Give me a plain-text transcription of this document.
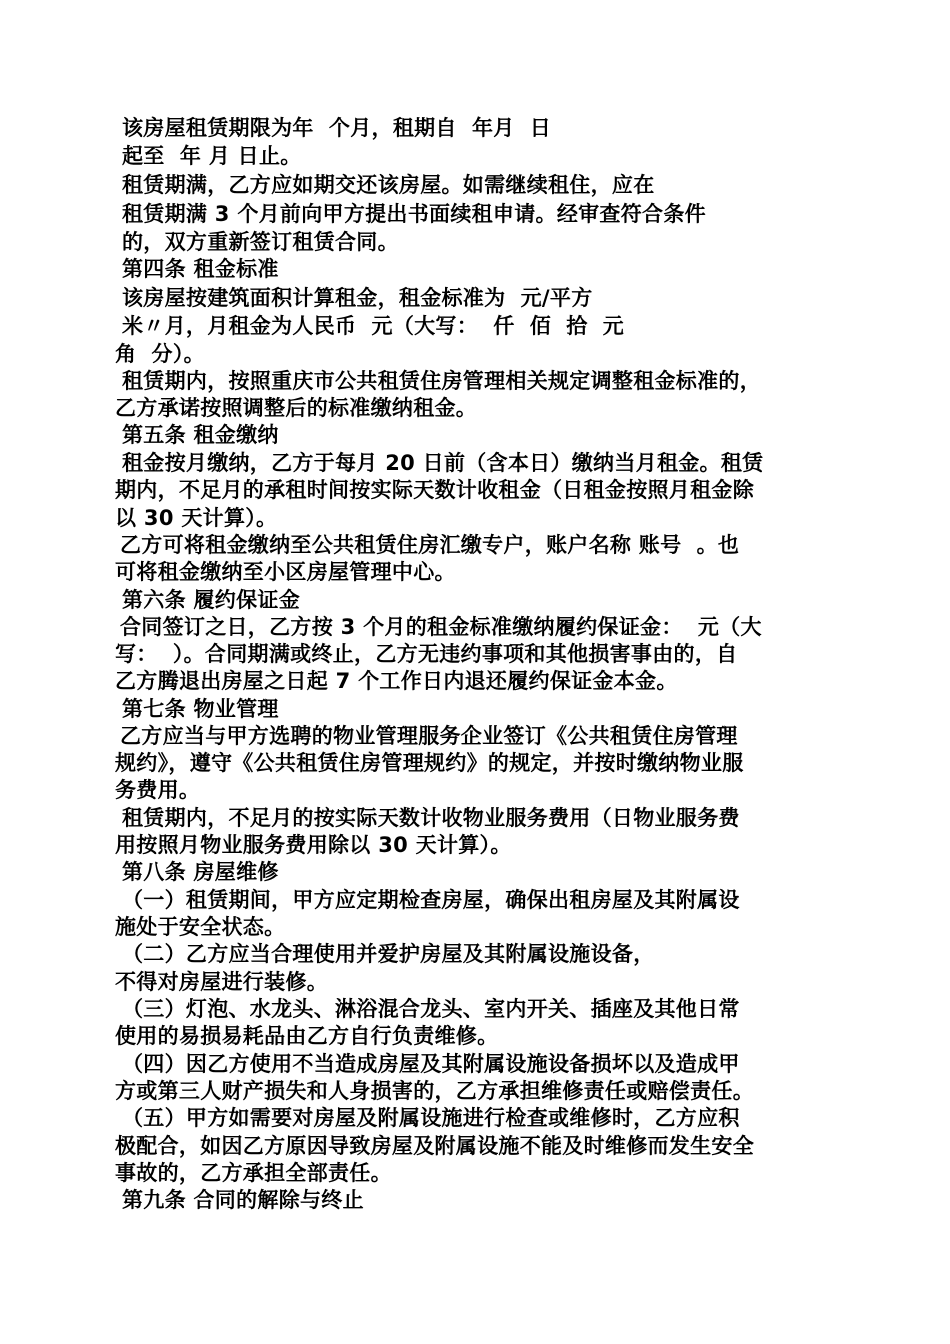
该房屋租赁期限为年  个月，租期自  年月  日
起至  年 月 日止。
租赁期满，乙方应如期交还该房屋。如需继续租住，应在
租赁期满 3 个月前向甲方提出书面续租申请。经审查符合条件
的，双方重新签订租赁合同。
第四条 租金标准
该房屋按建筑面积计算租金，租金标准为  元/平方
米〃月，月租金为人民币  元（大写：  仟  佰  拾  元
角  分）。
租赁期内，按照重庆市公共租赁住房管理相关规定调整租金标准的，
乙方承诺按照调整后的标准缴纳租金。
第五条 租金缴纳
租金按月缴纳，乙方于每月 20 日前（含本日）缴纳当月租金。租赁
期内，不足月的承租时间按实际天数计收租金（日租金按照月租金除
以 30 天计算）。
乙方可将租金缴纳至公共租赁住房汇缴专户，账户名称 账号  。也
可将租金缴纳至小区房屋管理中心。
第六条 履约保证金
合同签订之日，乙方按 3 个月的租金标准缴纳履约保证金：  元（大
写：  ）。合同期满或终止，乙方无违约事项和其他损害事由的，自
乙方腾退出房屋之日起 7 个工作日内退还履约保证金本金。
第七条 物业管理
乙方应当与甲方选聘的物业管理服务企业签订《公共租赁住房管理
规约》，遵守《公共租赁住房管理规约》的规定，并按时缴纳物业服
务费用。
租赁期内，不足月的按实际天数计收物业服务费用（日物业服务费
用按照月物业服务费用除以 30 天计算）。
第八条 房屋维修
（一）租赁期间，甲方应定期检查房屋，确保出租房屋及其附属设
施处于安全状态。
（二）乙方应当合理使用并爱护房屋及其附属设施设备，
不得对房屋进行装修。
（三）灯泡、水龙头、淋浴混合龙头、室内开关、插座及其他日常
使用的易损易耗品由乙方自行负责维修。
（四）因乙方使用不当造成房屋及其附属设施设备损坏以及造成甲
方或第三人财产损失和人身损害的，乙方承担维修责任或赔偿责任。
（五）甲方如需要对房屋及附属设施进行检查或维修时，乙方应积
极配合，如因乙方原因导致房屋及附属设施不能及时维修而发生安全
事故的，乙方承担全部责任。
第九条 合同的解除与终止
